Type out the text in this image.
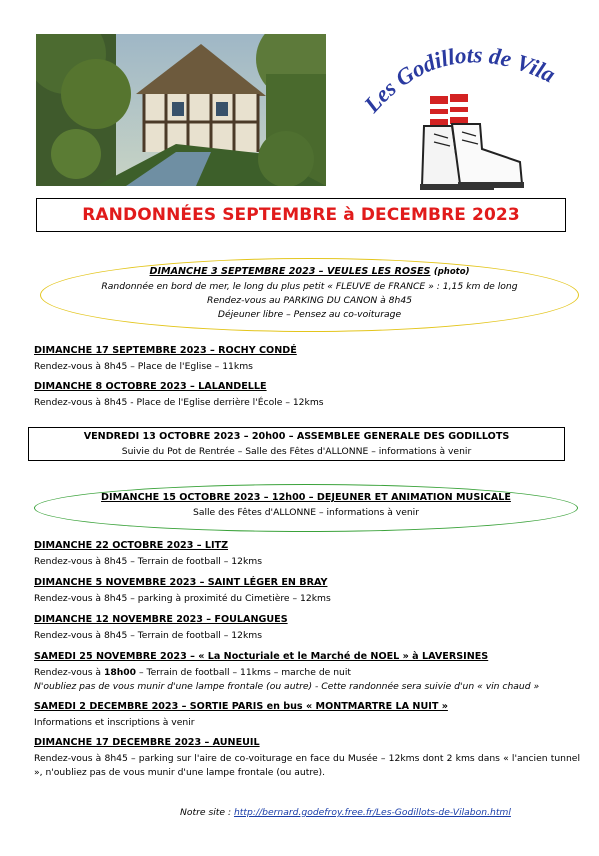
Les Godillots de Vila
RANDONNÉES SEPTEMBRE à DECEMBRE 2023
DIMANCHE 3 SEPTEMBRE 2023 – VEULES LES ROSES (photo)
Randonnée en bord de mer, le long du plus petit « FLEUVE de FRANCE » : 1,15 km de long
Rendez-vous au PARKING DU CANON à 8h45
Déjeuner libre – Pensez au co-voiturage
DIMANCHE 17 SEPTEMBRE 2023 – ROCHY CONDÉ
Rendez-vous à 8h45 – Place de l'Eglise – 11kms
DIMANCHE 8 OCTOBRE 2023 – LALANDELLE
Rendez-vous à 8h45 - Place de l'Eglise derrière l'École – 12kms
VENDREDI 13 OCTOBRE 2023 – 20h00 – ASSEMBLEE GENERALE DES GODILLOTS
Suivie du Pot de Rentrée – Salle des Fêtes d'ALLONNE – informations à venir
DIMANCHE 15 OCTOBRE 2023 – 12h00 – DEJEUNER ET ANIMATION MUSICALE
Salle des Fêtes d'ALLONNE – informations à venir
DIMANCHE 22 OCTOBRE 2023 – LITZ
Rendez-vous à 8h45 – Terrain de football – 12kms
DIMANCHE 5 NOVEMBRE 2023 – SAINT LÉGER EN BRAY
Rendez-vous à 8h45 – parking à proximité du Cimetière – 12kms
DIMANCHE 12 NOVEMBRE 2023 – FOULANGUES
Rendez-vous à 8h45 – Terrain de football – 12kms
SAMEDI 25 NOVEMBRE 2023 – « La Nocturiale et le Marché de NOEL » à LAVERSINES
Rendez-vous à 18h00 – Terrain de football – 11kms – marche de nuit
N'oubliez pas de vous munir d'une lampe frontale (ou autre) - Cette randonnée sera suivie d'un « vin chaud »
SAMEDI 2 DECEMBRE 2023 – SORTIE PARIS en bus « MONTMARTRE LA NUIT »
Informations et inscriptions à venir
DIMANCHE 17 DECEMBRE 2023 – AUNEUIL
Rendez-vous à 8h45 – parking sur l'aire de co-voiturage en face du Musée – 12kms dont 2 kms dans « l'ancien tunnel », n'oubliez pas de vous munir d'une lampe frontale (ou autre).
Notre site : http://bernard.godefroy.free.fr/Les-Godillots-de-Vilabon.html
